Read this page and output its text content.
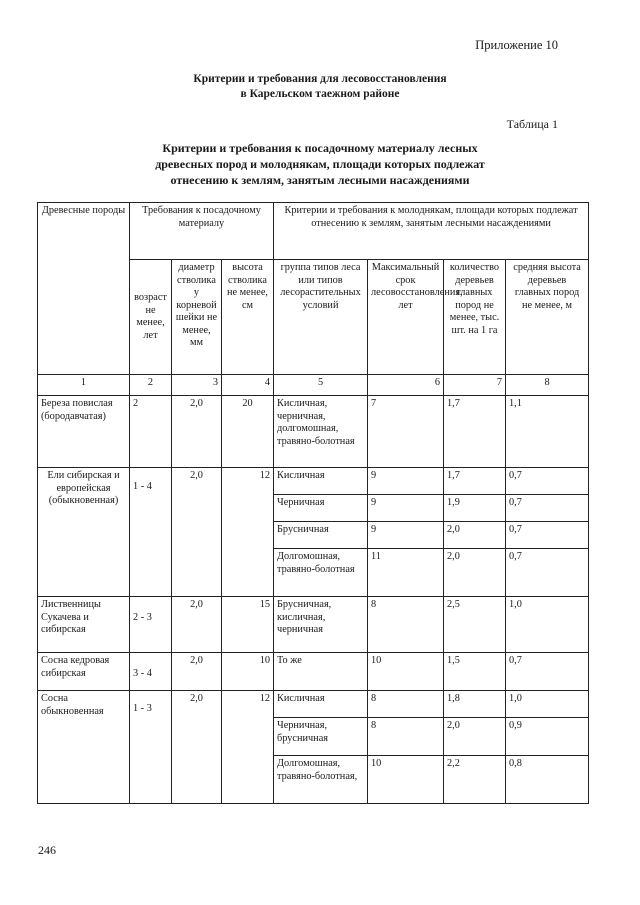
Приложение 10
Критерии и требования для лесовосстановления
в Карельском таежном районе
Таблица 1
Критерии и требования к посадочному материалу лесных
древесных пород и молоднякам, площади которых подлежат
отнесению к землям, занятым лесными насаждениями
Древесные породы	Требования к посадочному материалу			Критерии и требования к молоднякам, площади которых подлежат отнесению к землям, занятым лесными насаждениями			
	возраст не менее, лет	диаметр стволика у корневой шейки не менее, мм	высота стволика не менее, см	группа типов леса или типов лесорастительных условий	Максимальный срок лесовосстановления, лет	количество деревьев главных пород не менее, тыс. шт. на 1 га	средняя высота деревьев главных пород не менее, м
1	2	3	4	5	6	7	8
Береза повислая (бородавчатая)	2	2,0	20	Кисличная, черничная, долгомошная, травяно-болотная	7	1,7	1,1
Ели сибирская и европейская (обыкновенная)	1 - 4	2,0	12	Кисличная	9	1,7	0,7
				Черничная	9	1,9	0,7
				Брусничная	9	2,0	0,7
				Долгомошная, травяно-болотная	11	2,0	0,7
Лиственницы Сукачева и сибирская	2 - 3	2,0	15	Брусничная, кисличная, черничная	8	2,5	1,0
Сосна кедровая сибирская	3 - 4	2,0	10	То же	10	1,5	0,7
Сосна обыкновенная	1 - 3	2,0	12	Кисличная	8	1,8	1,0
				Черничная, брусничная	8	2,0	0,9
				Долгомошная, травяно-болотная,	10	2,2	0,8
246
